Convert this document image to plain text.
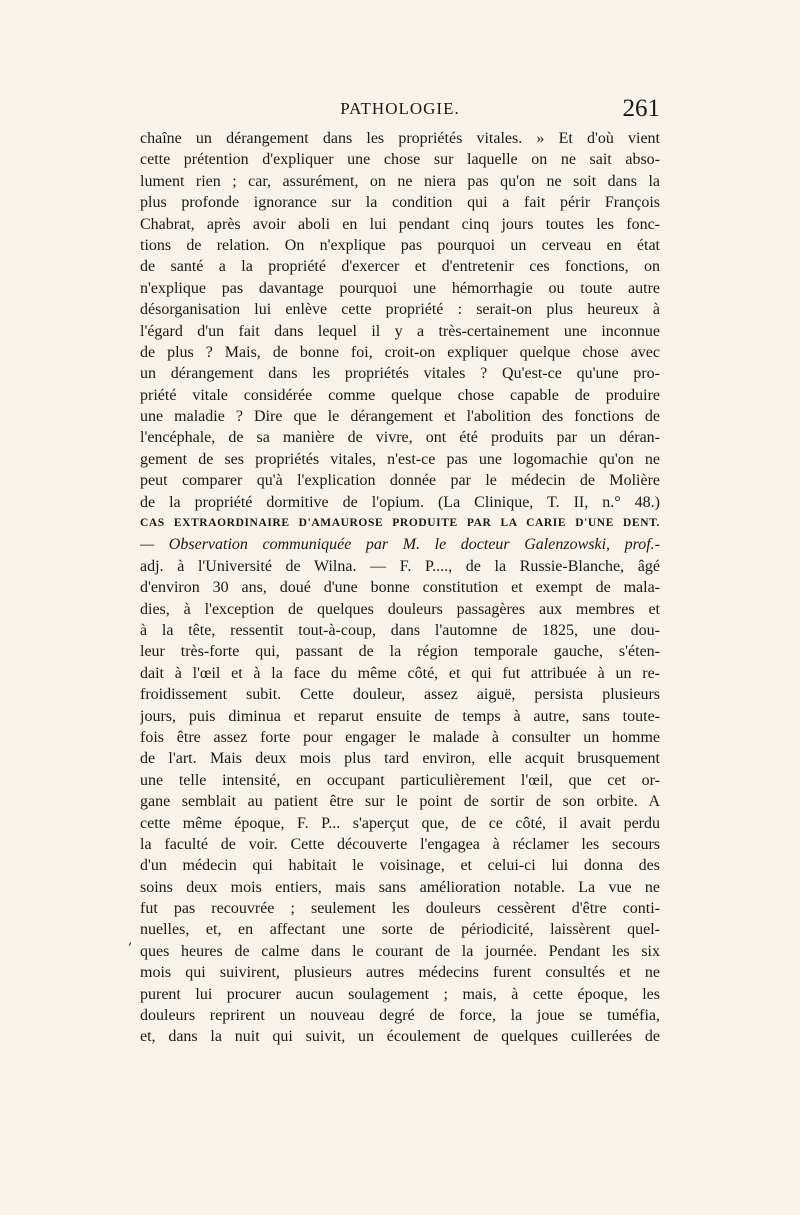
PATHOLOGIE.	261
,
chaîne un dérangement dans les propriétés vitales. » Et d'où vient
cette prétention d'expliquer une chose sur laquelle on ne sait abso-
lument rien ; car, assurément, on ne niera pas qu'on ne soit dans la
plus profonde ignorance sur la condition qui a fait périr François
Chabrat, après avoir aboli en lui pendant cinq jours toutes les fonc-
tions de relation. On n'explique pas pourquoi un cerveau en état
de santé a la propriété d'exercer et d'entretenir ces fonctions, on
n'explique pas davantage pourquoi une hémorrhagie ou toute autre
désorganisation lui enlève cette propriété : serait-on plus heureux à
l'égard d'un fait dans lequel il y a très-certainement une inconnue
de plus ? Mais, de bonne foi, croit-on expliquer quelque chose avec
un dérangement dans les propriétés vitales ? Qu'est-ce qu'une pro-
priété vitale considérée comme quelque chose capable de produire
une maladie ? Dire que le dérangement et l'abolition des fonctions de
l'encéphale, de sa manière de vivre, ont été produits par un déran-
gement de ses propriétés vitales, n'est-ce pas une logomachie qu'on ne
peut comparer qu'à l'explication donnée par le médecin de Molière
de la propriété dormitive de l'opium. (La Clinique, T. II, n.° 48.)
CAS EXTRAORDINAIRE D'AMAUROSE PRODUITE PAR LA CARIE D'UNE DENT.
— Observation communiquée par M. le docteur Galenzowski, prof.-
adj. à l'Université de Wilna. — F. P...., de la Russie-Blanche, âgé
d'environ 30 ans, doué d'une bonne constitution et exempt de mala-
dies, à l'exception de quelques douleurs passagères aux membres et
à la tête, ressentit tout-à-coup, dans l'automne de 1825, une dou-
leur très-forte qui, passant de la région temporale gauche, s'éten-
dait à l'œil et à la face du même côté, et qui fut attribuée à un re-
froidissement subit. Cette douleur, assez aiguë, persista plusieurs
jours, puis diminua et reparut ensuite de temps à autre, sans toute-
fois être assez forte pour engager le malade à consulter un homme
de l'art. Mais deux mois plus tard environ, elle acquit brusquement
une telle intensité, en occupant particulièrement l'œil, que cet or-
gane semblait au patient être sur le point de sortir de son orbite. A
cette même époque, F. P... s'aperçut que, de ce côté, il avait perdu
la faculté de voir. Cette découverte l'engagea à réclamer les secours
d'un médecin qui habitait le voisinage, et celui-ci lui donna des
soins deux mois entiers, mais sans amélioration notable. La vue ne
fut pas recouvrée ; seulement les douleurs cessèrent d'être conti-
nuelles, et, en affectant une sorte de périodicité, laissèrent quel-
ques heures de calme dans le courant de la journée. Pendant les six
mois qui suivirent, plusieurs autres médecins furent consultés et ne
purent lui procurer aucun soulagement ; mais, à cette époque, les
douleurs reprirent un nouveau degré de force, la joue se tuméfia,
et, dans la nuit qui suivit, un écoulement de quelques cuillerées de
